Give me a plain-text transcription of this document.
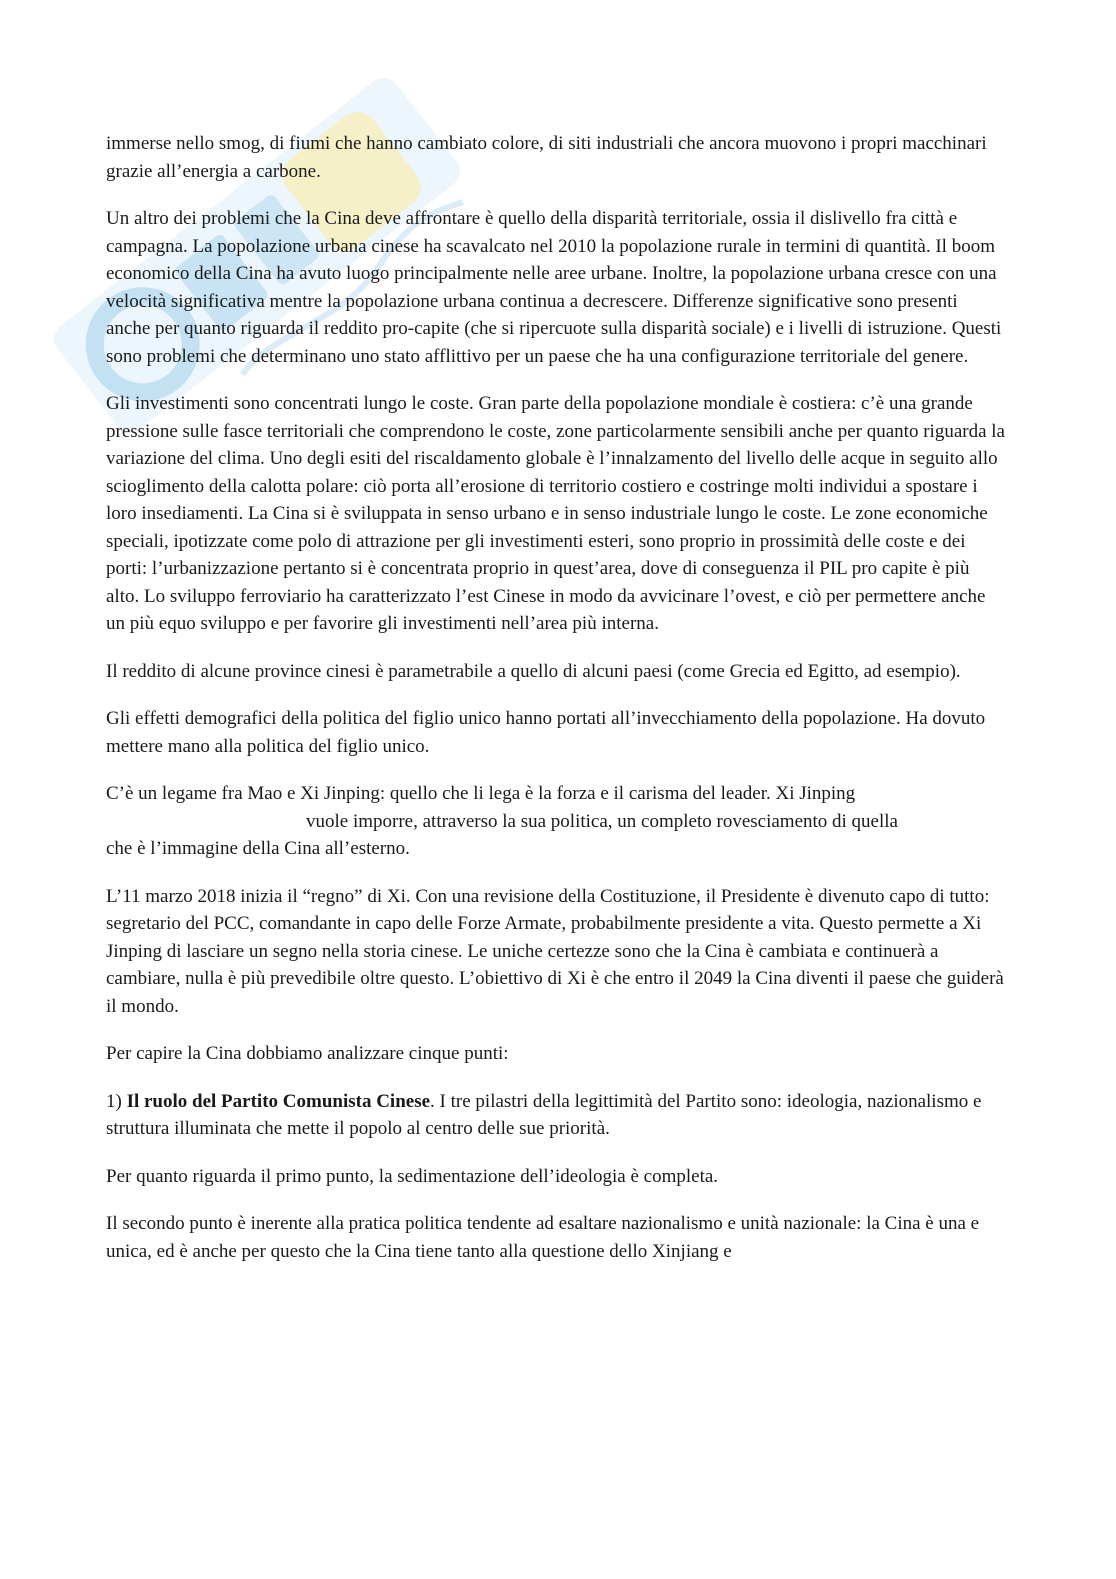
immerse nello smog, di fiumi che hanno cambiato colore, di siti industriali che ancora muovono i propri macchinari grazie all’energia a carbone.

Un altro dei problemi che la Cina deve affrontare è quello della disparità territoriale, ossia il dislivello fra città e campagna. La popolazione urbana cinese ha scavalcato nel 2010 la popolazione rurale in termini di quantità. Il boom economico della Cina ha avuto luogo principalmente nelle aree urbane. Inoltre, la popolazione urbana cresce con una velocità significativa mentre la popolazione urbana continua a decrescere. Differenze significative sono presenti anche per quanto riguarda il reddito pro-capite (che si ripercuote sulla disparità sociale) e i livelli di istruzione. Questi sono problemi che determinano uno stato afflittivo per un paese che ha una configurazione territoriale del genere.

Gli investimenti sono concentrati lungo le coste. Gran parte della popolazione mondiale è costiera: c’è una grande pressione sulle fasce territoriali che comprendono le coste, zone particolarmente sensibili anche per quanto riguarda la variazione del clima. Uno degli esiti del riscaldamento globale è l’innalzamento del livello delle acque in seguito allo scioglimento della calotta polare: ciò porta all’erosione di territorio costiero e costringe molti individui a spostare i loro insediamenti. La Cina si è sviluppata in senso urbano e in senso industriale lungo le coste. Le zone economiche speciali, ipotizzate come polo di attrazione per gli investimenti esteri, sono proprio in prossimità delle coste e dei porti: l’urbanizzazione pertanto si è concentrata proprio in quest’area, dove di conseguenza il PIL pro capite è più alto. Lo sviluppo ferroviario ha caratterizzato l’est Cinese in modo da avvicinare l’ovest, e ciò per permettere anche un più equo sviluppo e per favorire gli investimenti nell’area più interna.

Il reddito di alcune province cinesi è parametrabile a quello di alcuni paesi (come Grecia ed Egitto, ad esempio).

Gli effetti demografici della politica del figlio unico hanno portati all’invecchiamento della popolazione. Ha dovuto mettere mano alla politica del figlio unico.

C’è un legame fra Mao e Xi Jinping: quello che li lega è la forza e il carisma del leader. Xi Jinping
vuole imporre, attraverso la sua politica, un completo rovesciamento di quella
che è l’immagine della Cina all’esterno.

L’11 marzo 2018 inizia il “regno” di Xi. Con una revisione della Costituzione, il Presidente è divenuto capo di tutto: segretario del PCC, comandante in capo delle Forze Armate, probabilmente presidente a vita. Questo permette a Xi Jinping di lasciare un segno nella storia cinese. Le uniche certezze sono che la Cina è cambiata e continuerà a cambiare, nulla è più prevedibile oltre questo. L’obiettivo di Xi è che entro il 2049 la Cina diventi il paese che guiderà il mondo.

Per capire la Cina dobbiamo analizzare cinque punti:

1) Il ruolo del Partito Comunista Cinese. I tre pilastri della legittimità del Partito sono: ideologia, nazionalismo e struttura illuminata che mette il popolo al centro delle sue priorità.

Per quanto riguarda il primo punto, la sedimentazione dell’ideologia è completa.

Il secondo punto è inerente alla pratica politica tendente ad esaltare nazionalismo e unità nazionale: la Cina è una e unica, ed è anche per questo che la Cina tiene tanto alla questione dello Xinjiang e
